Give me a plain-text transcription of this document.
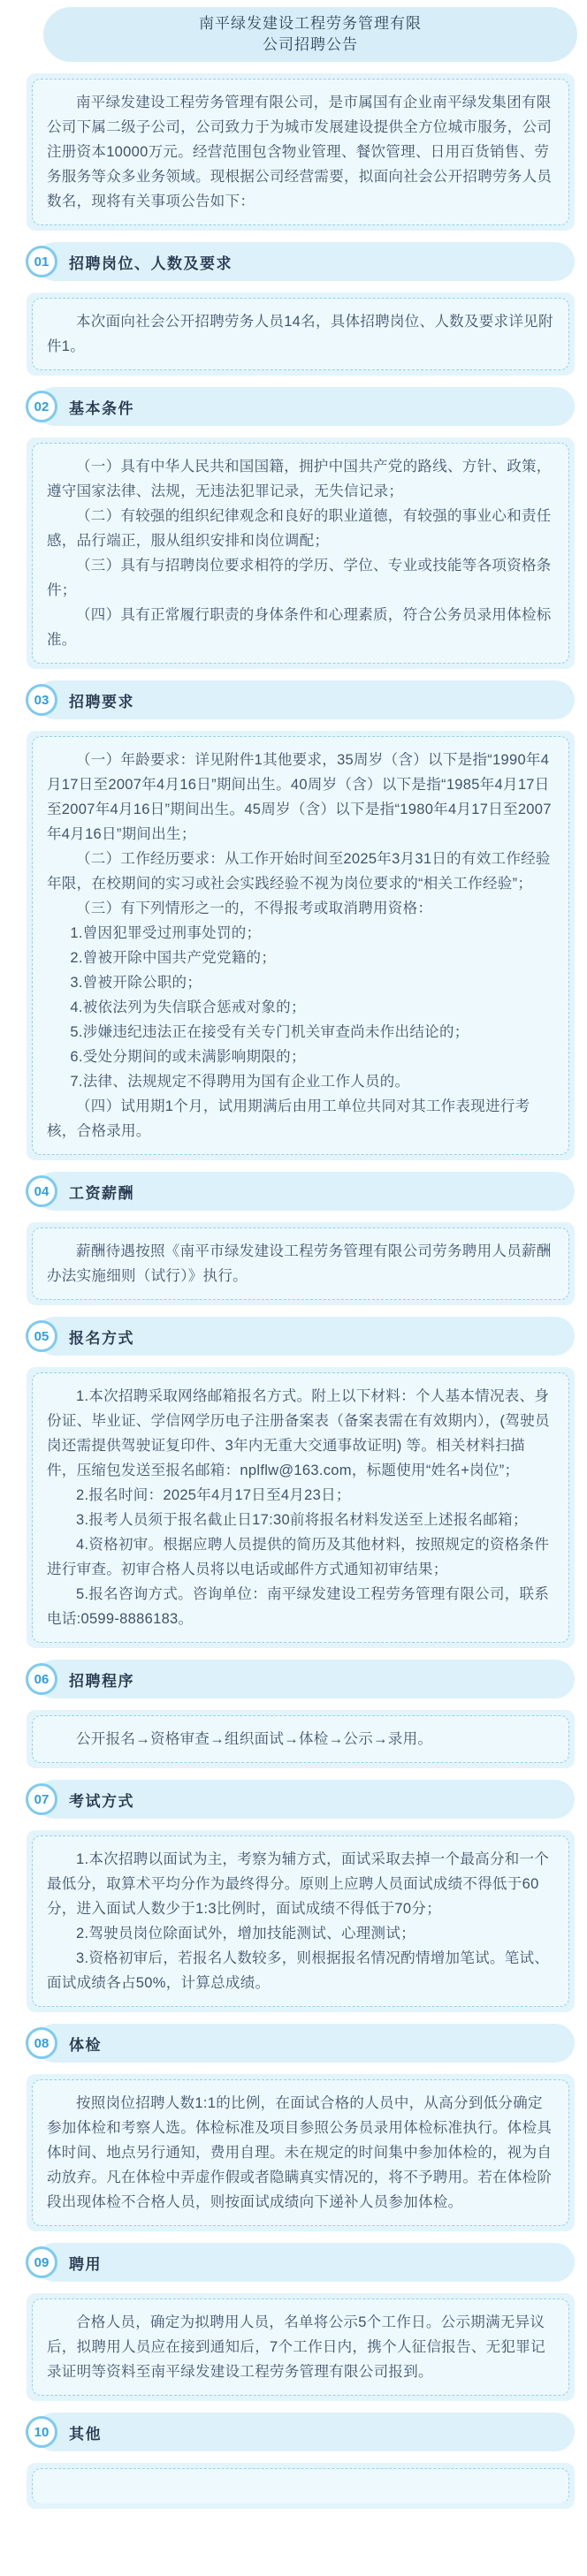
南平绿发建设工程劳务管理有限
公司招聘公告

南平绿发建设工程劳务管理有限公司，是市属国有企业南平绿发集团有限公司下属二级子公司，公司致力于为城市发展建设提供全方位城市服务，公司注册资本10000万元。经营范围包含物业管理、餐饮管理、日用百货销售、劳务服务等众多业务领域。现根据公司经营需要，拟面向社会公开招聘劳务人员数名，现将有关事项公告如下：

01	招聘岗位、人数及要求

本次面向社会公开招聘劳务人员14名，具体招聘岗位、人数及要求详见附件1。

02	基本条件

（一）具有中华人民共和国国籍，拥护中国共产党的路线、方针、政策，遵守国家法律、法规，无违法犯罪记录，无失信记录；

（二）有较强的组织纪律观念和良好的职业道德，有较强的事业心和责任感，品行端正，服从组织安排和岗位调配；

（三）具有与招聘岗位要求相符的学历、学位、专业或技能等各项资格条件；

（四）具有正常履行职责的身体条件和心理素质，符合公务员录用体检标准。

03	招聘要求

（一）年龄要求：详见附件1其他要求，35周岁（含）以下是指“1990年4月17日至2007年4月16日”期间出生。40周岁（含）以下是指“1985年4月17日至2007年4月16日”期间出生。45周岁（含）以下是指“1980年4月17日至2007年4月16日”期间出生；

（二）工作经历要求：从工作开始时间至2025年3月31日的有效工作经验年限，在校期间的实习或社会实践经验不视为岗位要求的“相关工作经验”；

（三）有下列情形之一的，不得报考或取消聘用资格：

1.曾因犯罪受过刑事处罚的；

2.曾被开除中国共产党党籍的；

3.曾被开除公职的；

4.被依法列为失信联合惩戒对象的；

5.涉嫌违纪违法正在接受有关专门机关审查尚未作出结论的；

6.受处分期间的或未满影响期限的；

7.法律、法规规定不得聘用为国有企业工作人员的。

（四）试用期1个月，试用期满后由用工单位共同对其工作表现进行考核，合格录用。

04	工资薪酬

薪酬待遇按照《南平市绿发建设工程劳务管理有限公司劳务聘用人员薪酬办法实施细则（试行）》执行。

05	报名方式

1.本次招聘采取网络邮箱报名方式。附上以下材料：个人基本情况表、身份证、毕业证、学信网学历电子注册备案表（备案表需在有效期内），(驾驶员岗还需提供驾驶证复印件、3年内无重大交通事故证明) 等。相关材料扫描件，压缩包发送至报名邮箱：nplflw@163.com，标题使用“姓名+岗位”；

2.报名时间：2025年4月17日至4月23日；

3.报考人员须于报名截止日17:30前将报名材料发送至上述报名邮箱；

4.资格初审。根据应聘人员提供的简历及其他材料，按照规定的资格条件进行审查。初审合格人员将以电话或邮件方式通知初审结果；

5.报名咨询方式。咨询单位：南平绿发建设工程劳务管理有限公司，联系电话:0599-8886183。

06	招聘程序

公开报名→资格审查→组织面试→体检→公示→录用。

07	考试方式

1.本次招聘以面试为主，考察为辅方式，面试采取去掉一个最高分和一个最低分，取算术平均分作为最终得分。原则上应聘人员面试成绩不得低于60分，进入面试人数少于1:3比例时，面试成绩不得低于70分；

2.驾驶员岗位除面试外，增加技能测试、心理测试；

3.资格初审后，若报名人数较多，则根据报名情况酌情增加笔试。笔试、面试成绩各占50%，计算总成绩。

08	体检

按照岗位招聘人数1:1的比例，在面试合格的人员中，从高分到低分确定参加体检和考察人选。体检标准及项目参照公务员录用体检标准执行。体检具体时间、地点另行通知，费用自理。未在规定的时间集中参加体检的，视为自动放弃。凡在体检中弄虚作假或者隐瞒真实情况的，将不予聘用。若在体检阶段出现体检不合格人员，则按面试成绩向下递补人员参加体检。

09	聘用

合格人员，确定为拟聘用人员，名单将公示5个工作日。公示期满无异议后，拟聘用人员应在接到通知后，7个工作日内，携个人征信报告、无犯罪记录证明等资料至南平绿发建设工程劳务管理有限公司报到。

10	其他
